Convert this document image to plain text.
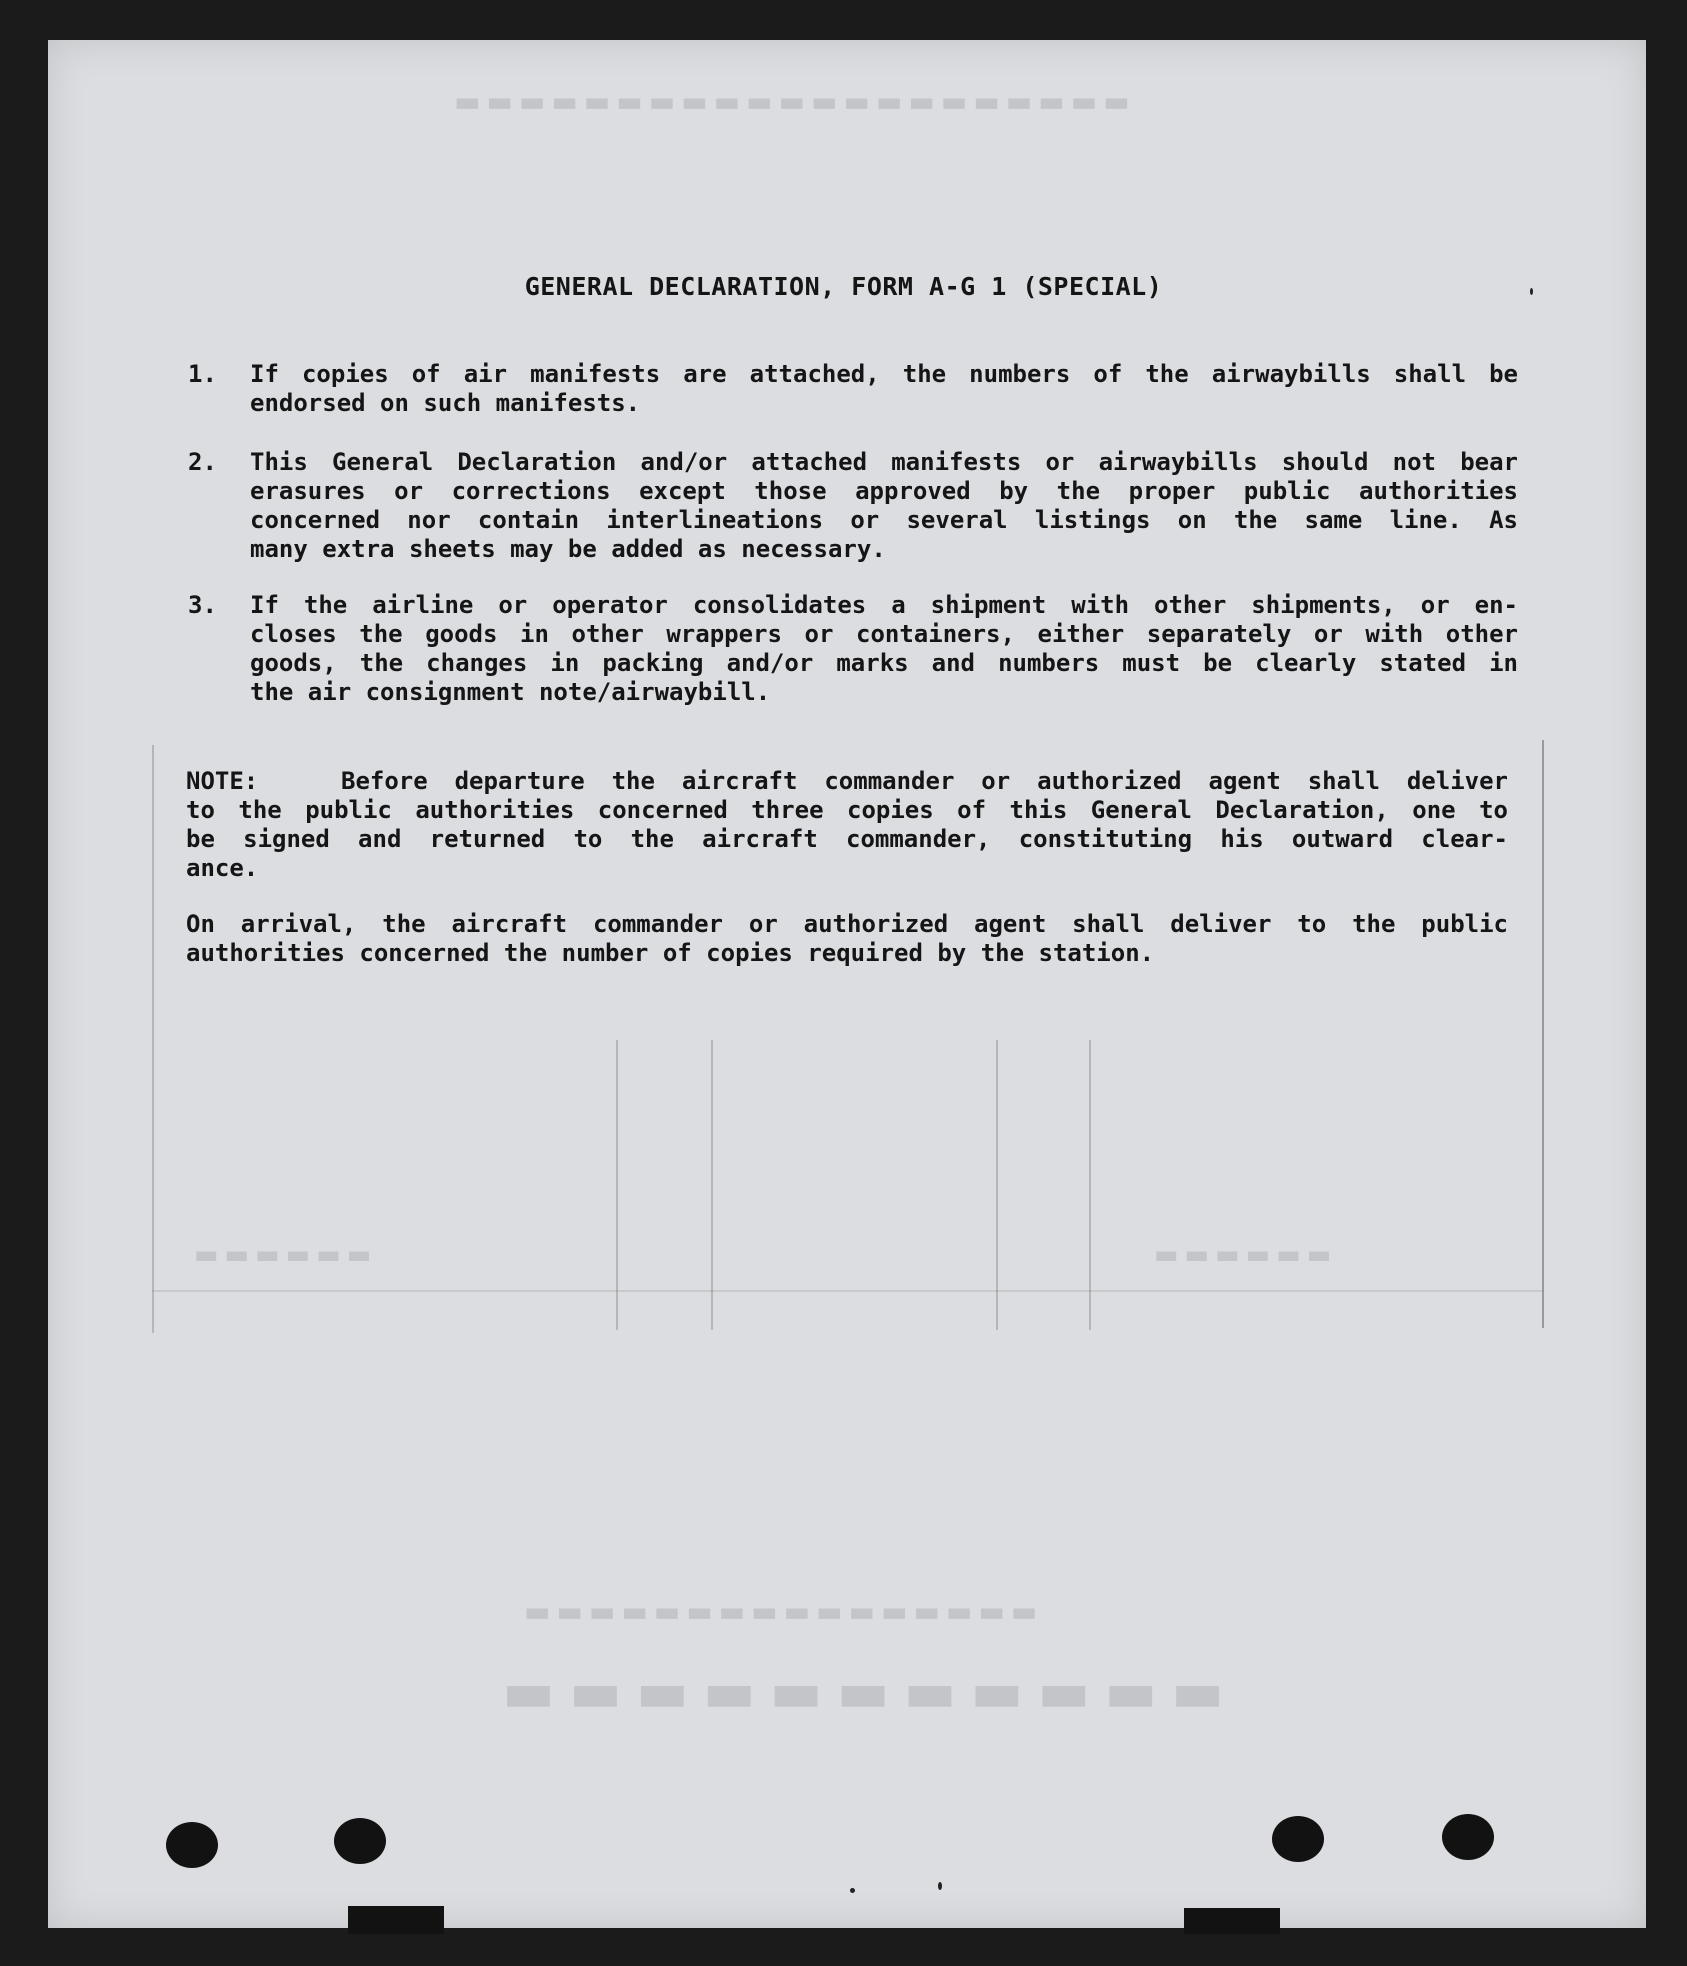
▬▬▬▬▬▬▬▬▬▬▬
▬▬▬▬▬▬▬▬▬▬▬▬▬▬▬▬
▬▬▬▬▬▬▬▬▬▬▬▬▬▬▬▬▬▬▬▬▬
▬▬▬▬▬▬	▬▬▬▬▬▬
GENERAL DECLARATION, FORM A-G 1 (SPECIAL)
1.	If copies of air manifests are attached, the numbers of the airwaybills shall be
endorsed on such manifests.
2.	This General Declaration and/or attached manifests or airwaybills should not bear
erasures or corrections except those approved by the proper public authorities
concerned nor contain interlineations or several listings on the same line. As
many extra sheets may be added as necessary.
3.	If the airline or operator consolidates a shipment with other shipments, or en-
closes the goods in other wrappers or containers, either separately or with other
goods, the changes in packing and/or marks and numbers must be clearly stated in
the air consignment note/airwaybill.
NOTE:	Before departure the aircraft commander or authorized agent shall deliver
to the public authorities concerned three copies of this General Declaration, one to
be signed and returned to the aircraft commander, constituting his outward clear-
ance.
On arrival, the aircraft commander or authorized agent shall deliver to the public
authorities concerned the number of copies required by the station.
